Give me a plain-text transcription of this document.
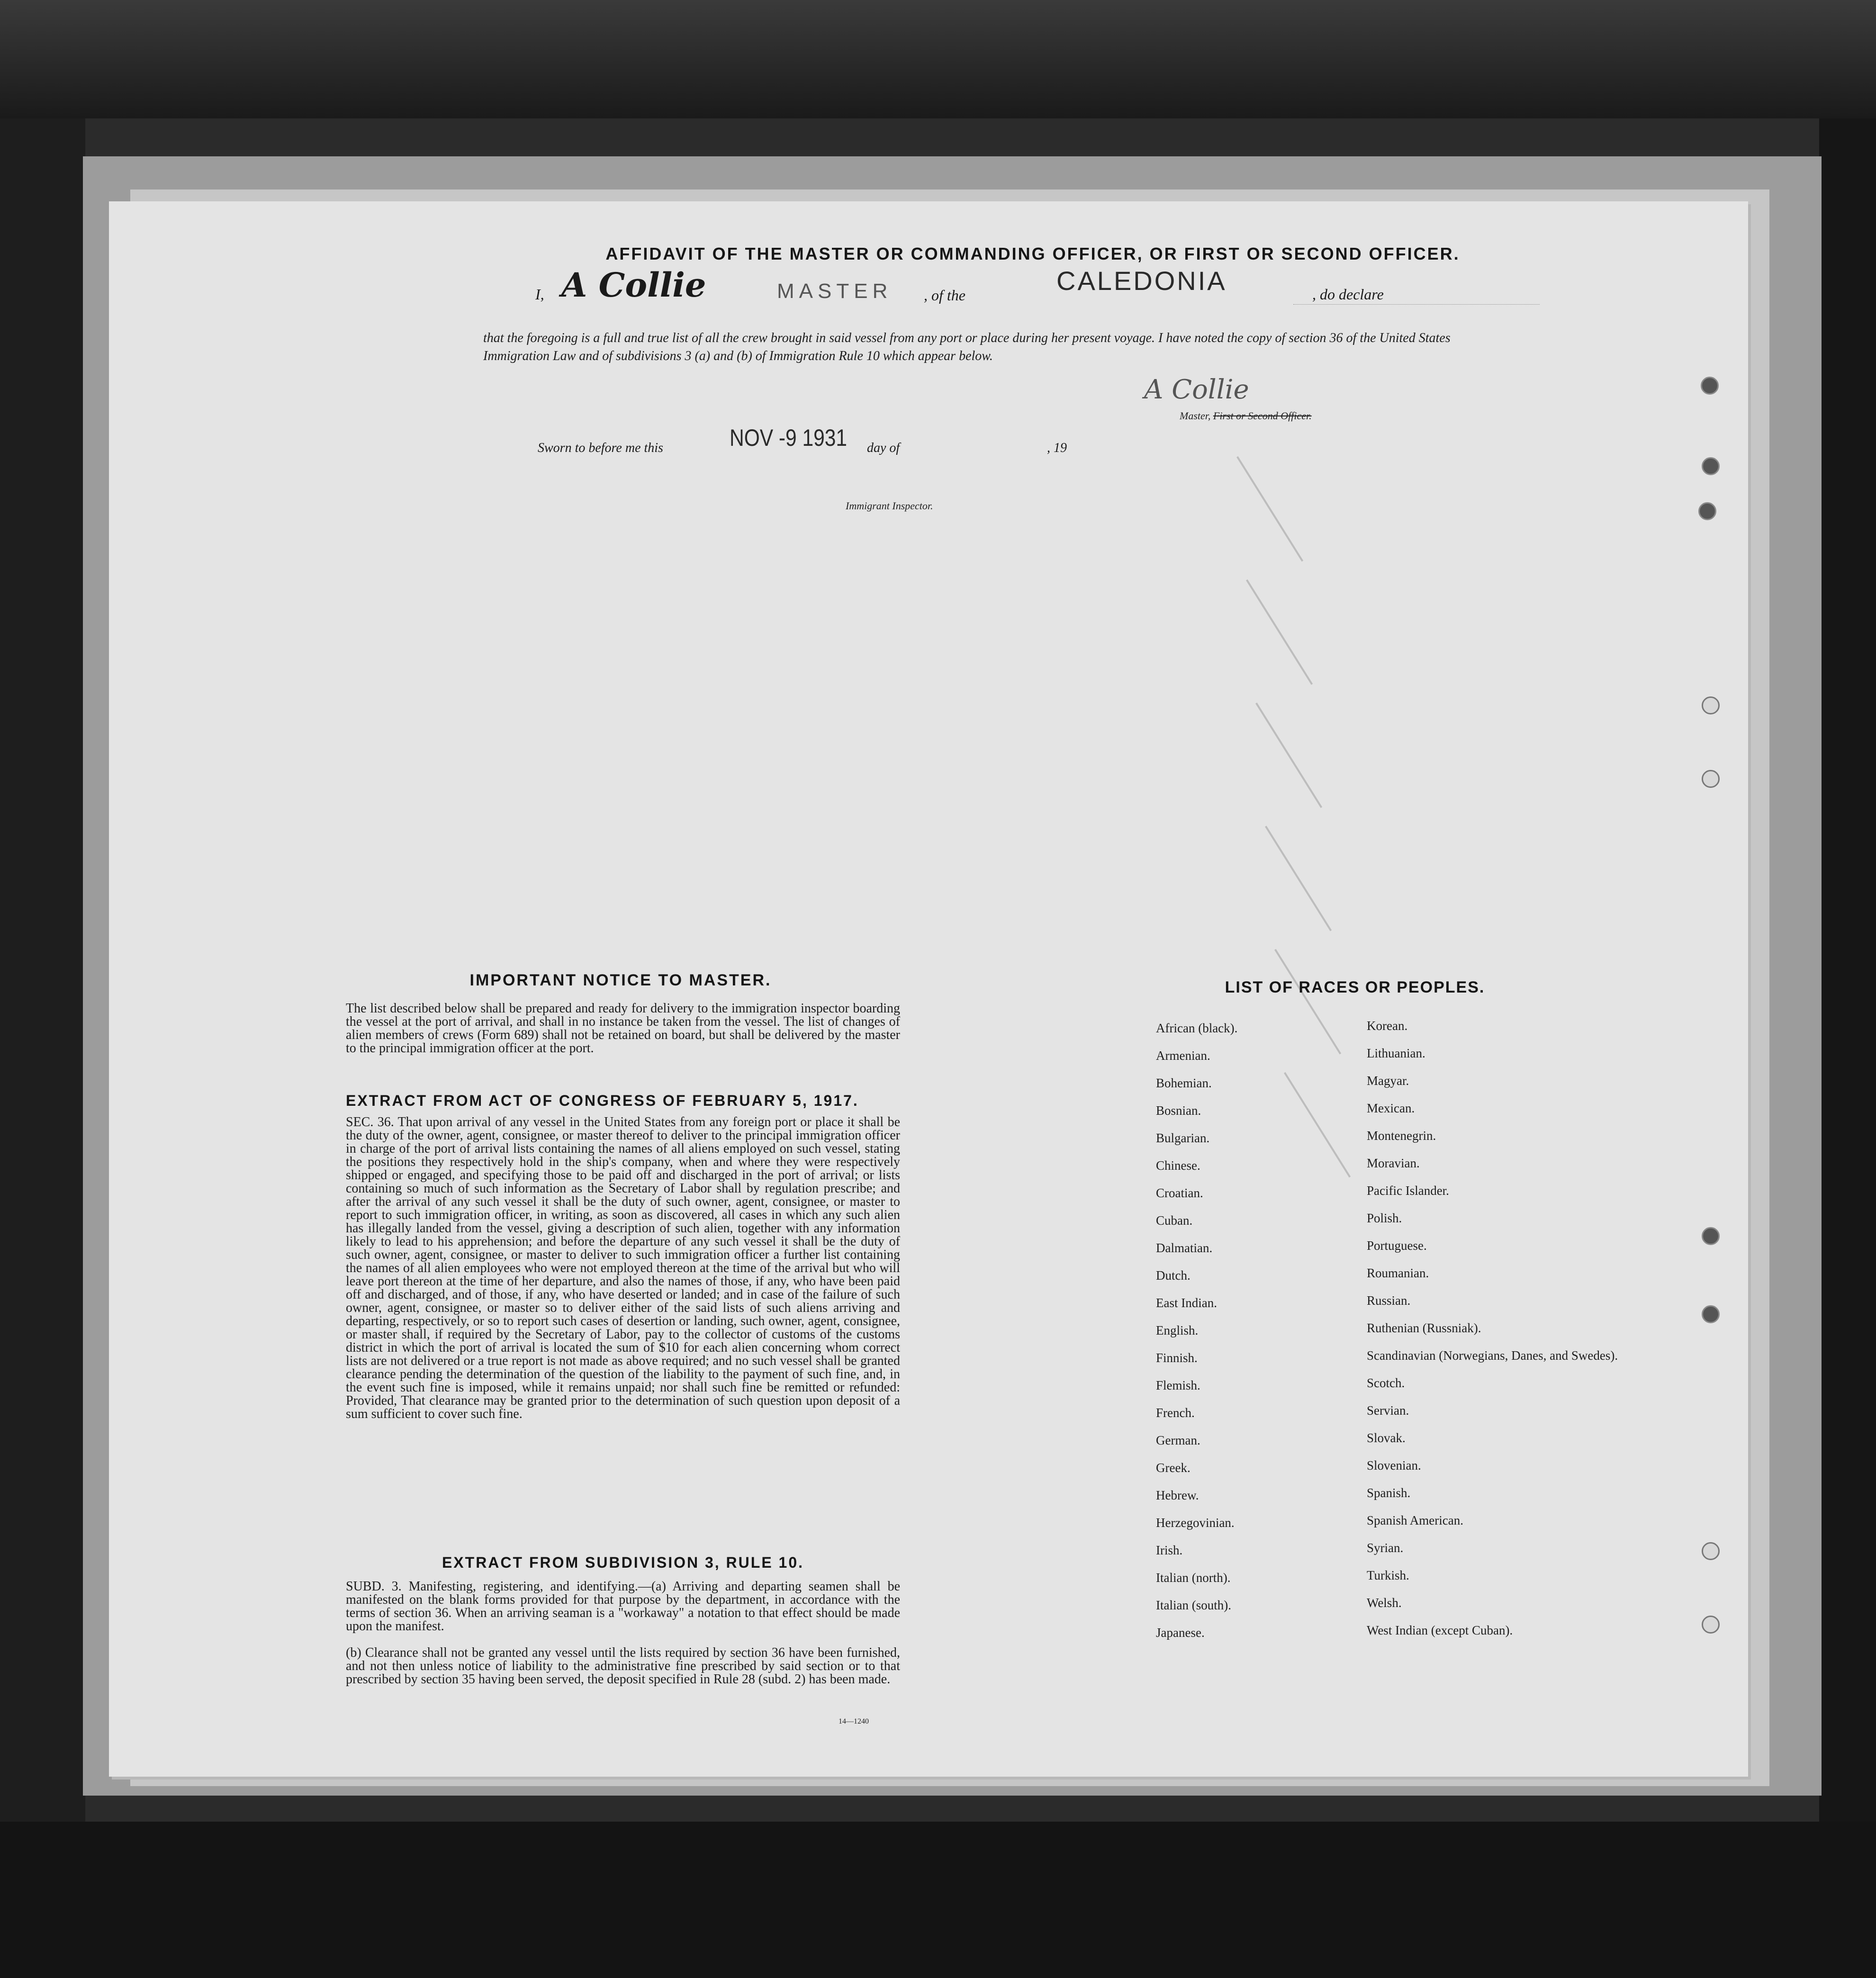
AFFIDAVIT OF THE MASTER OR COMMANDING OFFICER, OR FIRST OR SECOND OFFICER.
I, A Collie	MASTER , of the	CALEDONIA	, do declare
that the foregoing is a full and true list of all the crew brought in said vessel from any port or place during her present voyage. I have noted the copy of section 36 of the United States Immigration Law and of subdivisions 3 (a) and (b) of Immigration Rule 10 which appear below.
A Collie
Master, First or Second Officer.
Sworn to before me this	NOV -9 1931 day of	, 19
Immigrant Inspector.
IMPORTANT NOTICE TO MASTER.
The list described below shall be prepared and ready for delivery to the immigration inspector boarding the vessel at the port of arrival, and shall in no instance be taken from the vessel. The list of changes of alien members of crews (Form 689) shall not be retained on board, but shall be delivered by the master to the principal immigration officer at the port.
EXTRACT FROM ACT OF CONGRESS OF FEBRUARY 5, 1917.
SEC. 36. That upon arrival of any vessel in the United States from any foreign port or place it shall be the duty of the owner, agent, consignee, or master thereof to deliver to the principal immigration officer in charge of the port of arrival lists containing the names of all aliens employed on such vessel, stating the positions they respectively hold in the ship's company, when and where they were respectively shipped or engaged, and specifying those to be paid off and discharged in the port of arrival; or lists containing so much of such information as the Secretary of Labor shall by regulation prescribe; and after the arrival of any such vessel it shall be the duty of such owner, agent, consignee, or master to report to such immigration officer, in writing, as soon as discovered, all cases in which any such alien has illegally landed from the vessel, giving a description of such alien, together with any information likely to lead to his apprehension; and before the departure of any such vessel it shall be the duty of such owner, agent, consignee, or master to deliver to such immigration officer a further list containing the names of all alien employees who were not employed thereon at the time of the arrival but who will leave port thereon at the time of her departure, and also the names of those, if any, who have been paid off and discharged, and of those, if any, who have deserted or landed; and in case of the failure of such owner, agent, consignee, or master so to deliver either of the said lists of such aliens arriving and departing, respectively, or so to report such cases of desertion or landing, such owner, agent, consignee, or master shall, if required by the Secretary of Labor, pay to the collector of customs of the customs district in which the port of arrival is located the sum of $10 for each alien concerning whom correct lists are not delivered or a true report is not made as above required; and no such vessel shall be granted clearance pending the determination of the question of the liability to the payment of such fine, and, in the event such fine is imposed, while it remains unpaid; nor shall such fine be remitted or refunded: Provided, That clearance may be granted prior to the determination of such question upon deposit of a sum sufficient to cover such fine.
EXTRACT FROM SUBDIVISION 3, RULE 10.
SUBD. 3. Manifesting, registering, and identifying.—(a) Arriving and departing seamen shall be manifested on the blank forms provided for that purpose by the department, in accordance with the terms of section 36. When an arriving seaman is a "workaway" a notation to that effect should be made upon the manifest.
(b) Clearance shall not be granted any vessel until the lists required by section 36 have been furnished, and not then unless notice of liability to the administrative fine prescribed by said section or to that prescribed by section 35 having been served, the deposit specified in Rule 28 (subd. 2) has been made.
14—1240
LIST OF RACES OR PEOPLES.
African (black).
Armenian.
Bohemian.
Bosnian.
Bulgarian.
Chinese.
Croatian.
Cuban.
Dalmatian.
Dutch.
East Indian.
English.
Finnish.
Flemish.
French.
German.
Greek.
Hebrew.
Herzegovinian.
Irish.
Italian (north).
Italian (south).
Japanese.
Korean.
Lithuanian.
Magyar.
Mexican.
Montenegrin.
Moravian.
Pacific Islander.
Polish.
Portuguese.
Roumanian.
Russian.
Ruthenian (Russniak).
Scandinavian (Norwegians, Danes, and Swedes).
Scotch.
Servian.
Slovak.
Slovenian.
Spanish.
Spanish American.
Syrian.
Turkish.
Welsh.
West Indian (except Cuban).
